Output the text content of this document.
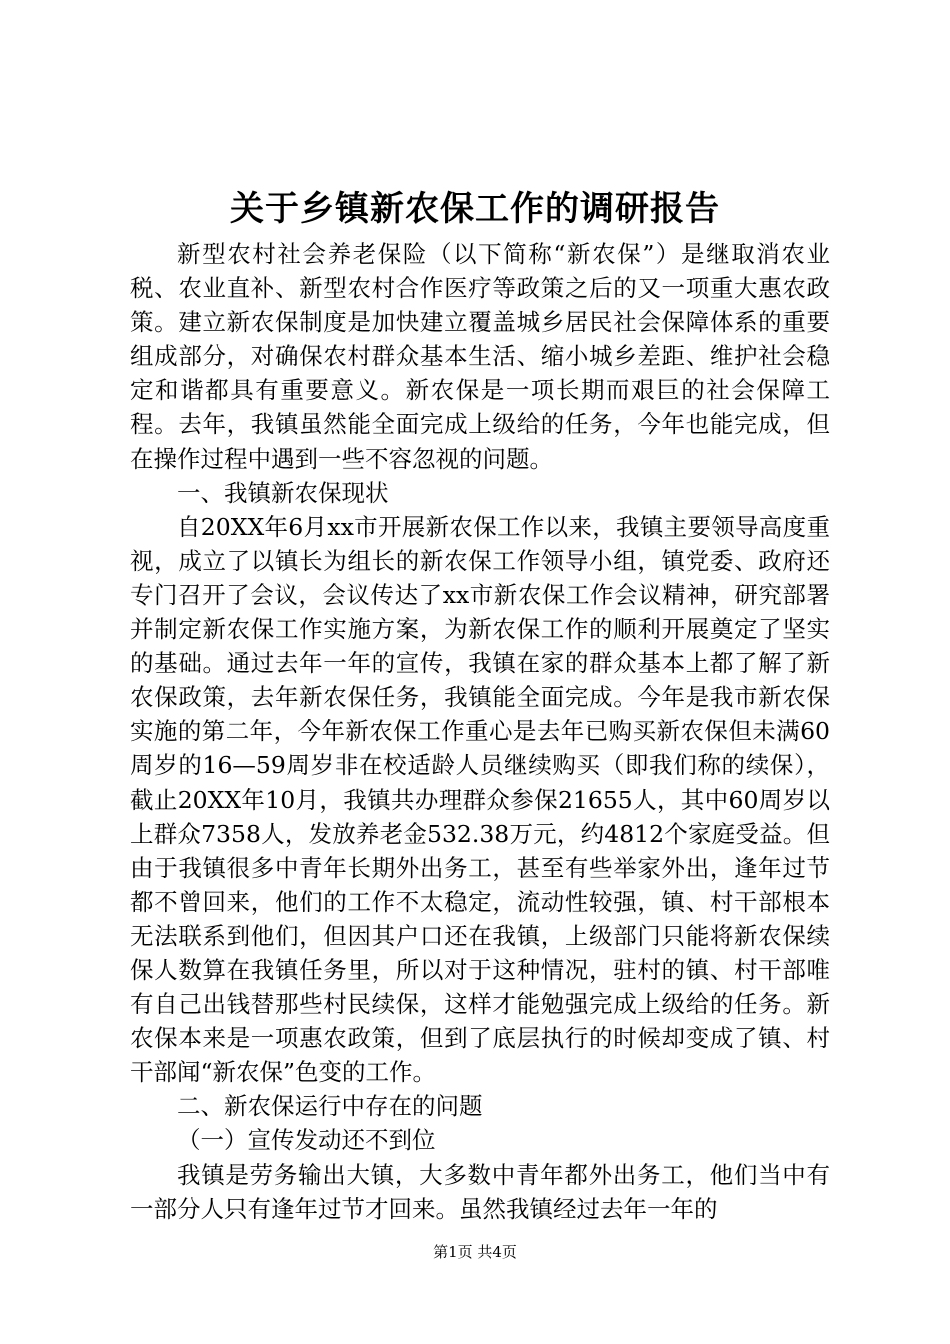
关于乡镇新农保工作的调研报告

新型农村社会养老保险（以下简称“新农保”）是继取消农业税、农业直补、新型农村合作医疗等政策之后的又一项重大惠农政策。建立新农保制度是加快建立覆盖城乡居民社会保障体系的重要组成部分，对确保农村群众基本生活、缩小城乡差距、维护社会稳定和谐都具有重要意义。新农保是一项长期而艰巨的社会保障工程。去年，我镇虽然能全面完成上级给的任务，今年也能完成，但在操作过程中遇到一些不容忽视的问题。

一、我镇新农保现状

自20XX年6月xx市开展新农保工作以来，我镇主要领导高度重视，成立了以镇长为组长的新农保工作领导小组，镇党委、政府还专门召开了会议，会议传达了xx市新农保工作会议精神，研究部署并制定新农保工作实施方案，为新农保工作的顺利开展奠定了坚实的基础。通过去年一年的宣传，我镇在家的群众基本上都了解了新农保政策，去年新农保任务，我镇能全面完成。今年是我市新农保实施的第二年，今年新农保工作重心是去年已购买新农保但未满60周岁的16—59周岁非在校适龄人员继续购买（即我们称的续保），截止20XX年10月，我镇共办理群众参保21655人，其中60周岁以上群众7358人，发放养老金532.38万元，约4812个家庭受益。但由于我镇很多中青年长期外出务工，甚至有些举家外出，逢年过节都不曾回来，他们的工作不太稳定，流动性较强，镇、村干部根本无法联系到他们，但因其户口还在我镇，上级部门只能将新农保续保人数算在我镇任务里，所以对于这种情况，驻村的镇、村干部唯有自己出钱替那些村民续保，这样才能勉强完成上级给的任务。新农保本来是一项惠农政策，但到了底层执行的时候却变成了镇、村干部闻“新农保”色变的工作。

二、新农保运行中存在的问题

（一）宣传发动还不到位

我镇是劳务输出大镇，大多数中青年都外出务工，他们当中有一部分人只有逢年过节才回来。虽然我镇经过去年一年的

第1页 共4页
